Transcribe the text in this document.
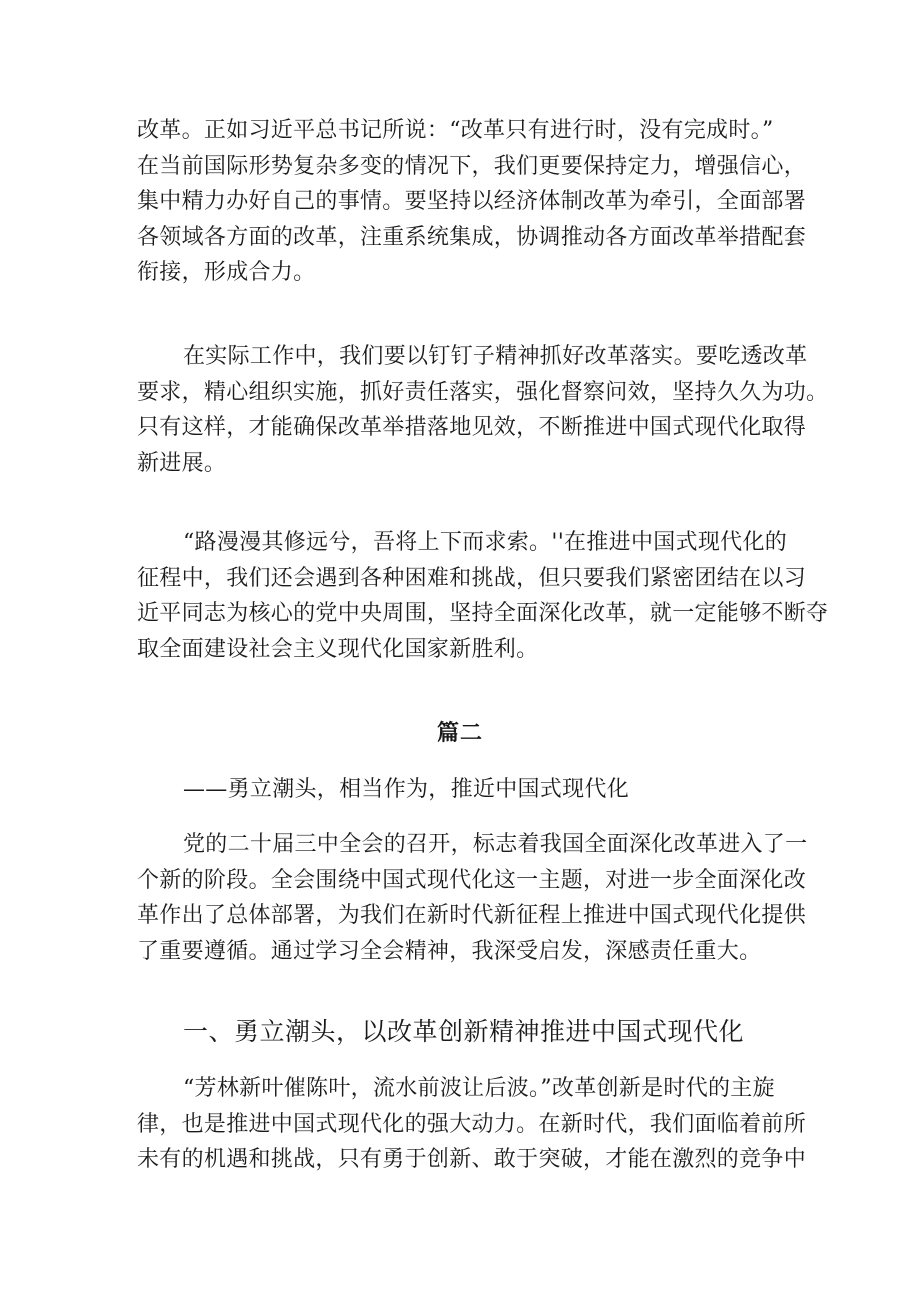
改革。正如习近平总书记所说：“改革只有进行时，没有完成时。”
在当前国际形势复杂多变的情况下，我们更要保持定力，增强信心，
集中精力办好自己的事情。要坚持以经济体制改革为牵引，全面部署
各领域各方面的改革，注重系统集成，协调推动各方面改革举措配套
衔接，形成合力。
在实际工作中，我们要以钉钉子精神抓好改革落实。要吃透改革
要求，精心组织实施，抓好责任落实，强化督察问效，坚持久久为功。
只有这样，才能确保改革举措落地见效，不断推进中国式现代化取得
新进展。
“路漫漫其修远兮，吾将上下而求索。''在推进中国式现代化的
征程中，我们还会遇到各种困难和挑战，但只要我们紧密团结在以习
近平同志为核心的党中央周围，坚持全面深化改革，就一定能够不断夺
取全面建设社会主义现代化国家新胜利。
篇二

——勇立潮头，相当作为，推近中国式现代化

党的二十届三中全会的召开，标志着我国全面深化改革进入了一
个新的阶段。全会围绕中国式现代化这一主题，对进一步全面深化改
革作出了总体部署，为我们在新时代新征程上推进中国式现代化提供
了重要遵循。通过学习全会精神，我深受启发，深感责任重大。
一、勇立潮头，以改革创新精神推进中国式现代化
“芳林新叶催陈叶，流水前波让后波。”改革创新是时代的主旋
律，也是推进中国式现代化的强大动力。在新时代，我们面临着前所
未有的机遇和挑战，只有勇于创新、敢于突破，才能在激烈的竞争中
